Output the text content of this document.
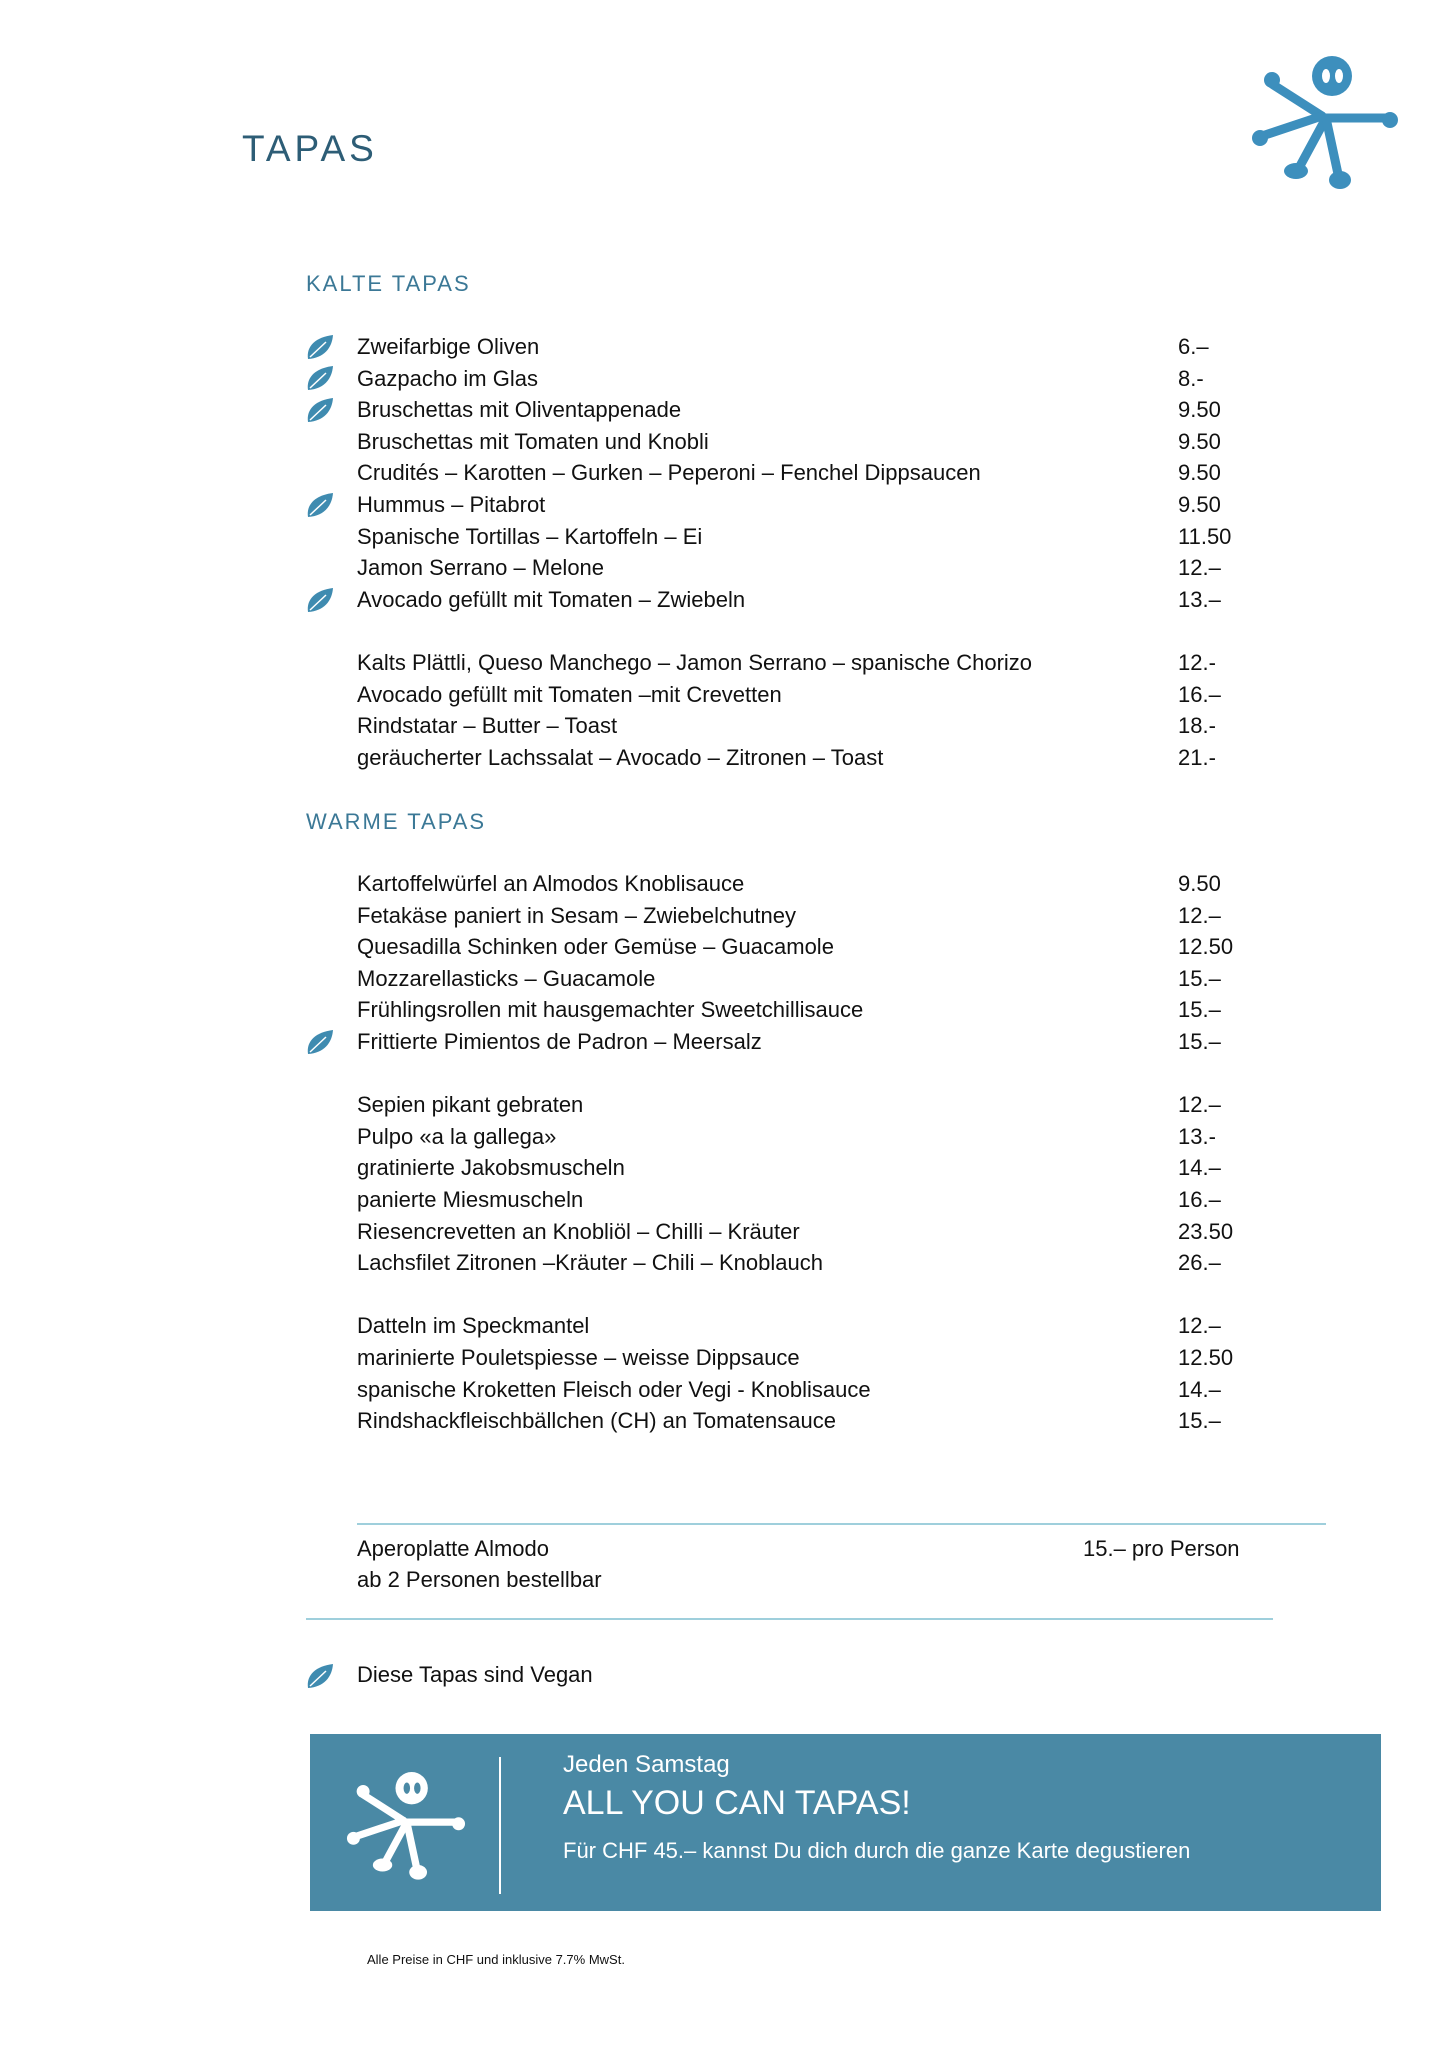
TAPAS
KALTE TAPAS
Zweifarbige Oliven	6.–
Gazpacho im Glas	8.-
Bruschettas mit Oliventappenade	9.50
Bruschettas mit Tomaten und Knobli	9.50
Crudités – Karotten – Gurken – Peperoni – Fenchel Dippsaucen	9.50
Hummus – Pitabrot	9.50
Spanische Tortillas – Kartoffeln – Ei	11.50
Jamon Serrano – Melone	12.–
Avocado gefüllt mit Tomaten – Zwiebeln	13.–
Kalts Plättli, Queso Manchego – Jamon Serrano – spanische Chorizo	12.-
Avocado gefüllt mit Tomaten –mit Crevetten	16.–
Rindstatar – Butter – Toast	18.-
geräucherter Lachssalat – Avocado – Zitronen – Toast	21.-
WARME TAPAS
Kartoffelwürfel an Almodos Knoblisauce	9.50
Fetakäse paniert in Sesam – Zwiebelchutney	12.–
Quesadilla Schinken oder Gemüse – Guacamole	12.50
Mozzarellasticks – Guacamole	15.–
Frühlingsrollen mit hausgemachter Sweetchillisauce	15.–
Frittierte Pimientos de Padron – Meersalz	15.–
Sepien pikant gebraten	12.–
Pulpo «a la gallega»	13.-
gratinierte Jakobsmuscheln	14.–
panierte Miesmuscheln	16.–
Riesencrevetten an Knobliöl – Chilli – Kräuter	23.50
Lachsfilet Zitronen –Kräuter – Chili – Knoblauch	26.–
Datteln im Speckmantel	12.–
marinierte Pouletspiesse – weisse Dippsauce	12.50
spanische Kroketten Fleisch oder Vegi - Knoblisauce	14.–
Rindshackfleischbällchen (CH) an Tomatensauce	15.–
Aperoplatte Almodo	15.– pro Person
ab 2 Personen bestellbar
Diese Tapas sind Vegan
Jeden Samstag
ALL YOU CAN TAPAS!
Für CHF 45.– kannst Du dich durch die ganze Karte degustieren
Alle Preise in CHF und inklusive 7.7% MwSt.
